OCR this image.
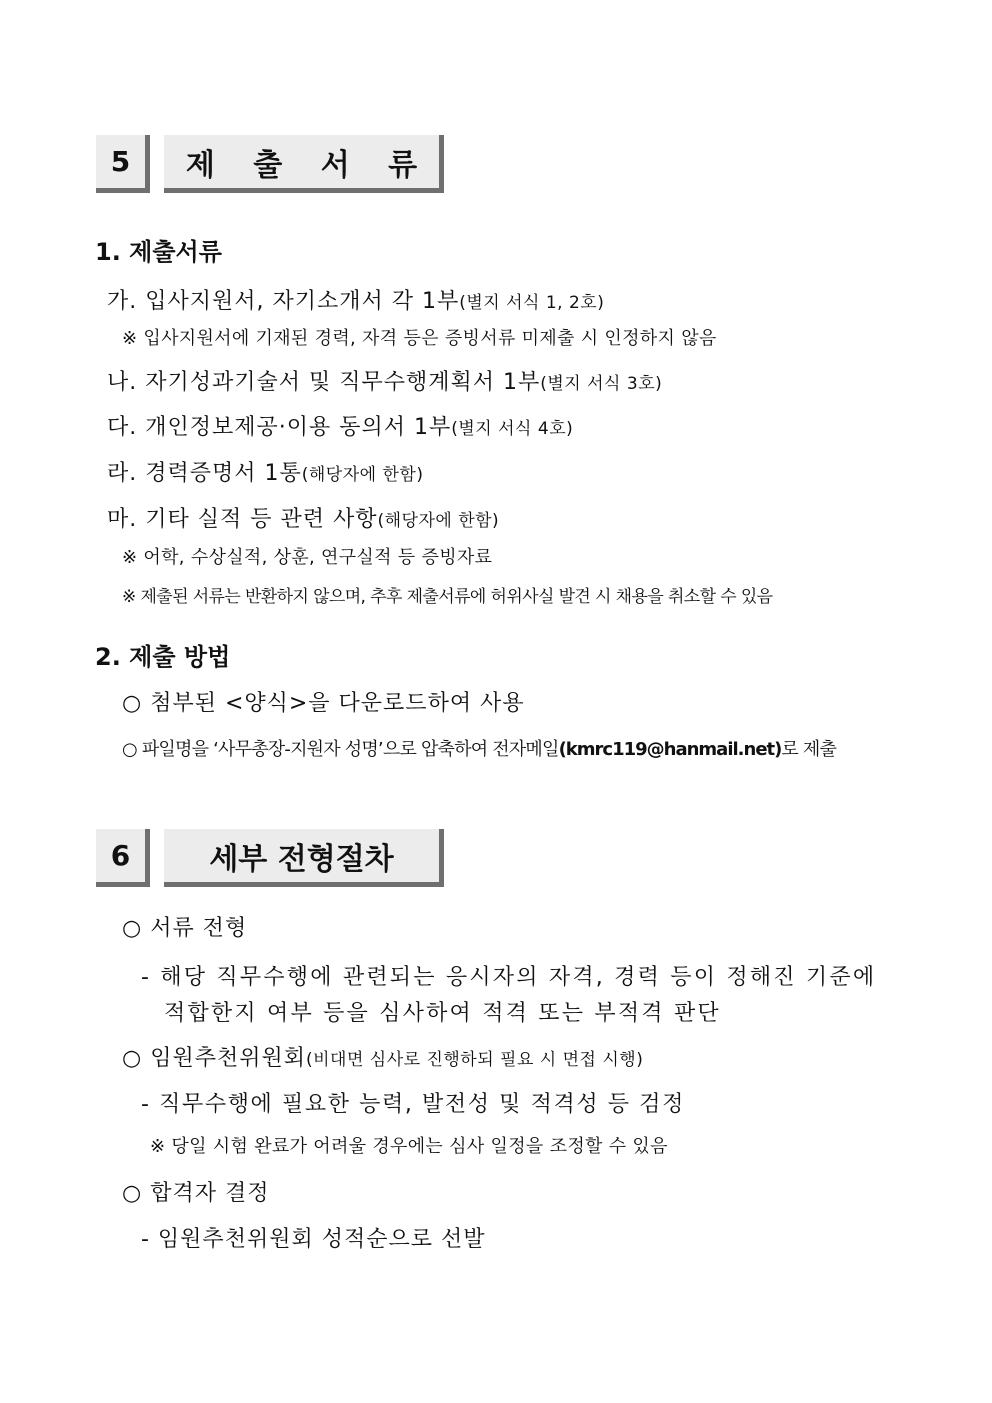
5	제 출 서 류
1. 제출서류
가. 입사지원서, 자기소개서 각 1부(별지 서식 1, 2호)
※ 입사지원서에 기재된 경력, 자격 등은 증빙서류 미제출 시 인정하지 않음
나. 자기성과기술서 및 직무수행계획서 1부(별지 서식 3호)
다. 개인정보제공·이용 동의서 1부(별지 서식 4호)
라. 경력증명서 1통(해당자에 한함)
마. 기타 실적 등 관련 사항(해당자에 한함)
※ 어학, 수상실적, 상훈, 연구실적 등 증빙자료
※ 제출된 서류는 반환하지 않으며, 추후 제출서류에 허위사실 발견 시 채용을 취소할 수 있음
2. 제출 방법
○ 첨부된 <양식>을 다운로드하여 사용
○ 파일명을 ‘사무총장-지원자 성명’으로 압축하여 전자메일(kmrc119@hanmail.net)로 제출
6	세부 전형절차
○ 서류 전형
- 해당 직무수행에 관련되는 응시자의 자격, 경력 등이 정해진 기준에
적합한지 여부 등을 심사하여 적격 또는 부적격 판단
○ 임원추천위원회(비대면 심사로 진행하되 필요 시 면접 시행)
- 직무수행에 필요한 능력, 발전성 및 적격성 등 검정
※ 당일 시험 완료가 어려울 경우에는 심사 일정을 조정할 수 있음
○ 합격자 결정
- 임원추천위원회 성적순으로 선발
